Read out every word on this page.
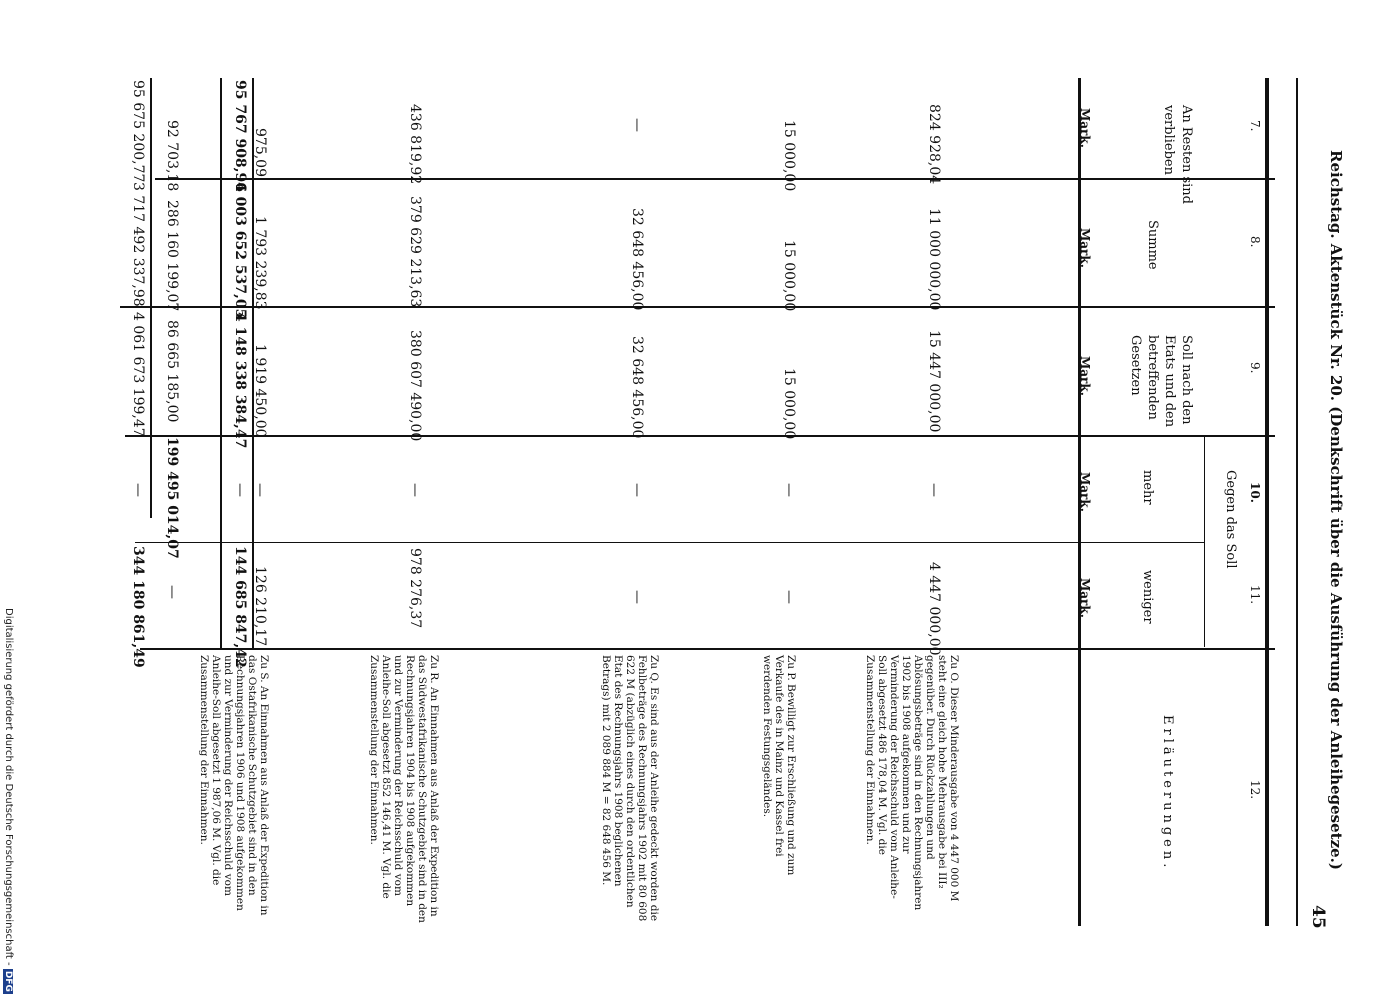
Reichstag. Aktenstück Nr. 20. (Denkschrift über die Ausführung der Anleihegesetze.)
45
7.
8.
9.
10.
11.
12.
An Resten sind verblieben
Summe
Soll nach den Etats und den betreffenden Gesetzen
Gegen das Soll
mehr
weniger
Erläuterungen.
Mark.
Mark.
Mark.
Mark.
Mark.
824 928,04
11 000 000,00
15 447 000,00
—
4 447 000,00
Zu O. Dieser Minderausgabe von 4 447 000 M steht eine gleich hohe Mehrausgabe bei III₂ gegenüber. Durch Rückzahlungen und Ablösungsbeträge sind in den Rechnungsjahren 1902 bis 1908 aufgekommen und zur Verminderung der Reichsschuld vom Anleihe-Soll abgesetzt 486 178,04 M. Vgl. die Zusammenstellung der Einnahmen.
15 000,00
15 000,00
15 000,00
—
—
Zu P. Bewilligt zur Erschließung und zum Verkaufe des in Mainz und Kassel frei werdenden Festungsgeländes.
—
32 648 456,00
32 648 456,00
—
—
Zu Q. Es sind aus der Anleihe gedeckt worden die Fehlbeträge des Rechnungsjahrs 1902 mit 80 608 622 M (abzüglich eines durch den ordentlichen Etat des Rechnungsjahrs 1908 beglichenen Betrags) mit 2 089 884 M = 82 648 456 M.
436 819,92
379 629 213,63
380 607 490,00
—
978 276,37
Zu R. An Einnahmen aus Anlaß der Expedition in das Südwestafrikanische Schutzgebiet sind in den Rechnungsjahren 1904 bis 1908 aufgekommen und zur Verminderung der Reichsschuld vom Anleihe-Soll abgesetzt 852 146,41 M. Vgl. die Zusammenstellung der Einnahmen.
975,09
1 793 239,83
1 919 450,00
—
126 210,17
Zu S. An Einnahmen aus Anlaß der Expedition in das Ostafrikanische Schutzgebiet sind in den Rechnungsjahren 1906 und 1908 aufgekommen und zur Verminderung der Reichsschuld vom Anleihe-Soll abgesetzt 1 987,06 M. Vgl. die Zusammenstellung der Einnahmen.
95 767 908,96
4 003 652 537,05
4 148 338 384,47
—
144 685 847,42
92 703,18
286 160 199,07
86 665 185,00
199 495 014,07
—
95 675 200,77
3 717 492 337,98
4 061 673 199,47
—
344 180 861,49
Digitalisierung gefördert durch die Deutsche Forschungsgemeinschaft - DFG
